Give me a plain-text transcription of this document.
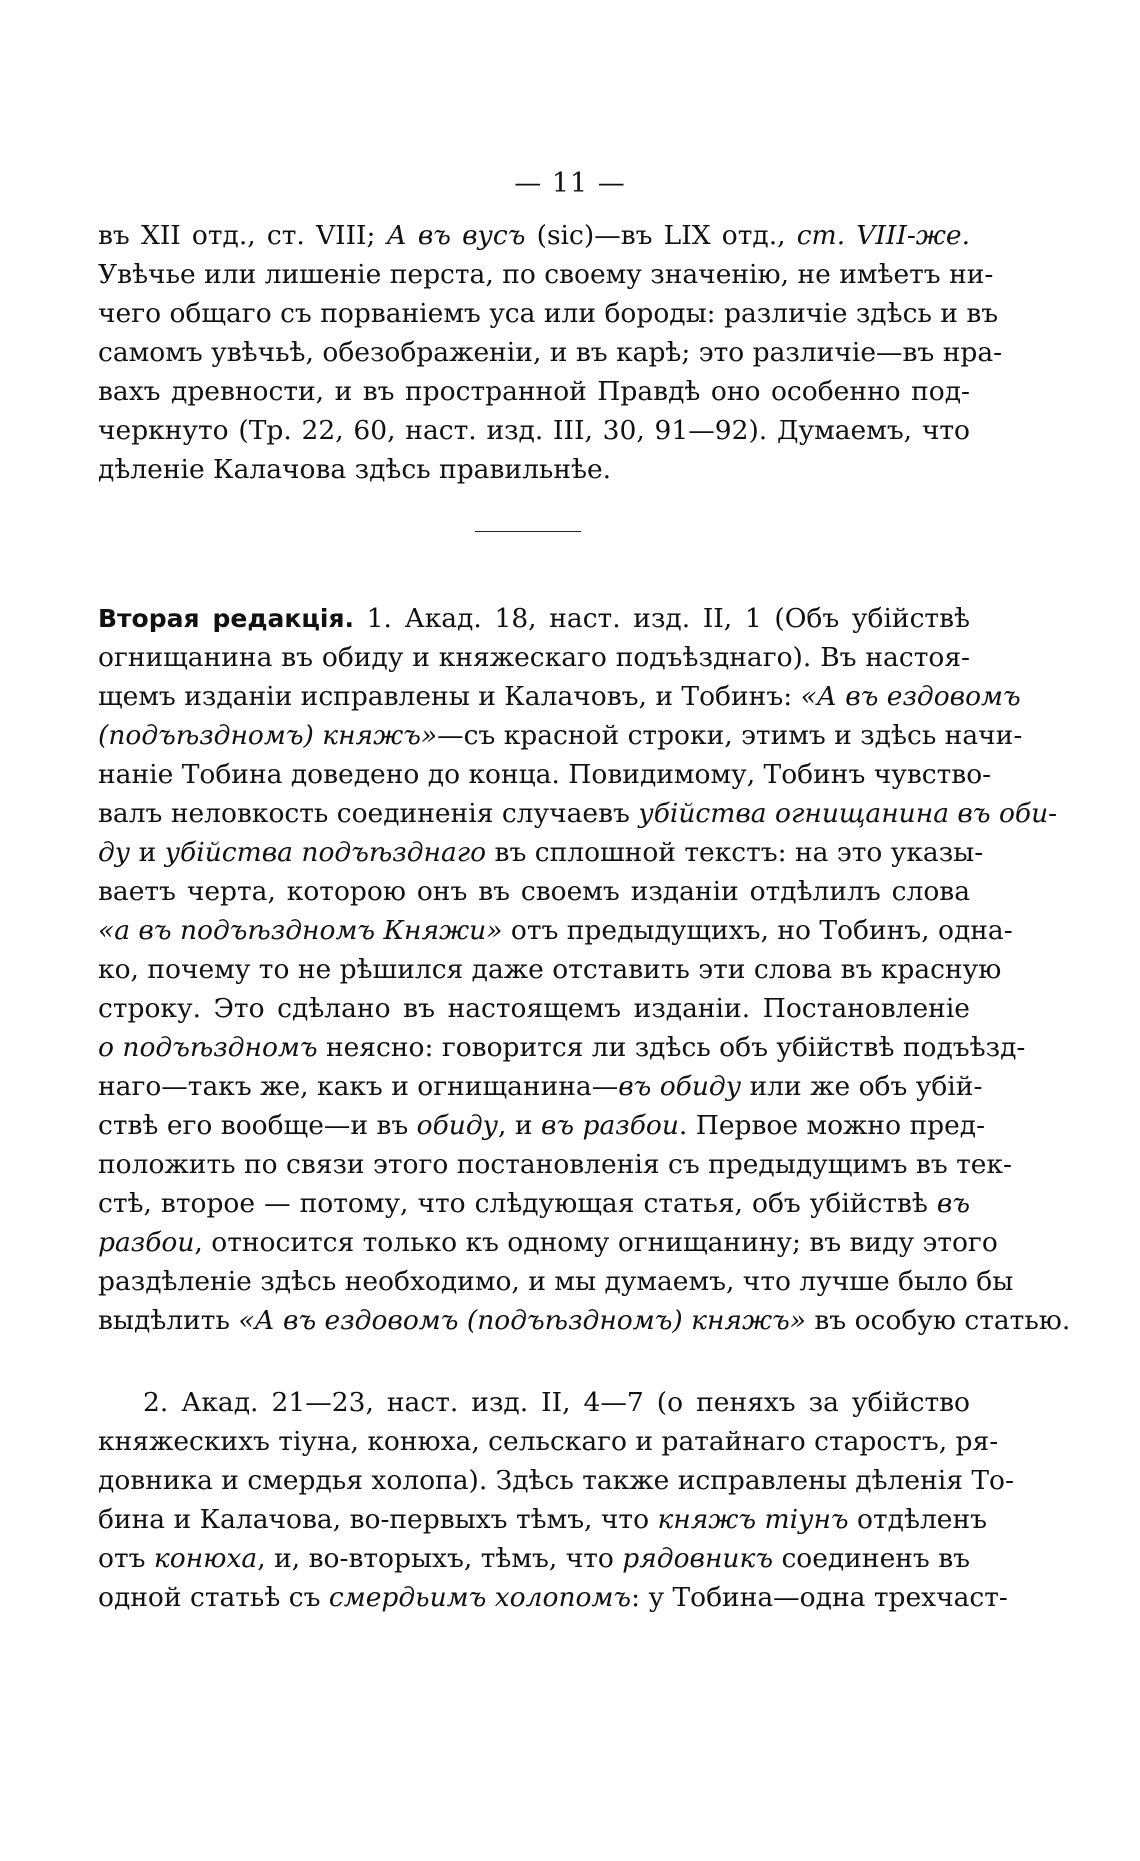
— 11 —
въ XII отд., ст. VIII; А въ вусъ (sic)—въ LIX отд., ст. VIII-же.
Увѣчье или лишеніе перста, по своему значенію, не имѣетъ ни-
чего общаго съ порваніемъ уса или бороды: различіе здѣсь и въ
самомъ увѣчьѣ, обезображеніи, и въ карѣ; это различіе—въ нра-
вахъ древности, и въ пространной Правдѣ оно особенно под-
черкнуто (Тр. 22, 60, наст. изд. III, 30, 91—92). Думаемъ, что
дѣленіе Калачова здѣсь правильнѣе.
Вторая редакція. 1. Акад. 18, наст. изд. II, 1 (Объ убійствѣ
огнищанина въ обиду и княжескаго подъѣзднаго). Въ настоя-
щемъ изданіи исправлены и Калачовъ, и Тобинъ: «А въ ездовомъ
(подъѣздномъ) княжъ»—съ красной строки, этимъ и здѣсь начи-
наніе Тобина доведено до конца. Повидимому, Тобинъ чувство-
валъ неловкость соединенія случаевъ убійства огнищанина въ оби-
ду и убійства подъѣзднаго въ сплошной текстъ: на это указы-
ваетъ черта, которою онъ въ своемъ изданіи отдѣлилъ слова
«а въ подъѣздномъ Княжи» отъ предыдущихъ, но Тобинъ, одна-
ко, почему то не рѣшился даже отставить эти слова въ красную
строку. Это сдѣлано въ настоящемъ изданіи. Постановленіе
о подъѣздномъ неясно: говорится ли здѣсь объ убійствѣ подъѣзд-
наго—такъ же, какъ и огнищанина—въ обиду или же объ убій-
ствѣ его вообще—и въ обиду, и въ разбои. Первое можно пред-
положить по связи этого постановленія съ предыдущимъ въ тек-
стѣ, второе — потому, что слѣдующая статья, объ убійствѣ въ
разбои, относится только къ одному огнищанину; въ виду этого
раздѣленіе здѣсь необходимо, и мы думаемъ, что лучше было бы
выдѣлить «А въ ездовомъ (подъѣздномъ) княжъ» въ особую статью.
2. Акад. 21—23, наст. изд. II, 4—7 (о пеняхъ за убійство
княжескихъ тіуна, конюха, сельскаго и ратайнаго старостъ, ря-
довника и смердья холопа). Здѣсь также исправлены дѣленія То-
бина и Калачова, во-первыхъ тѣмъ, что княжъ тіунъ отдѣленъ
отъ конюха, и, во-вторыхъ, тѣмъ, что рядовникъ соединенъ въ
одной статьѣ съ смердьимъ холопомъ: у Тобина—одна трехчаст-
